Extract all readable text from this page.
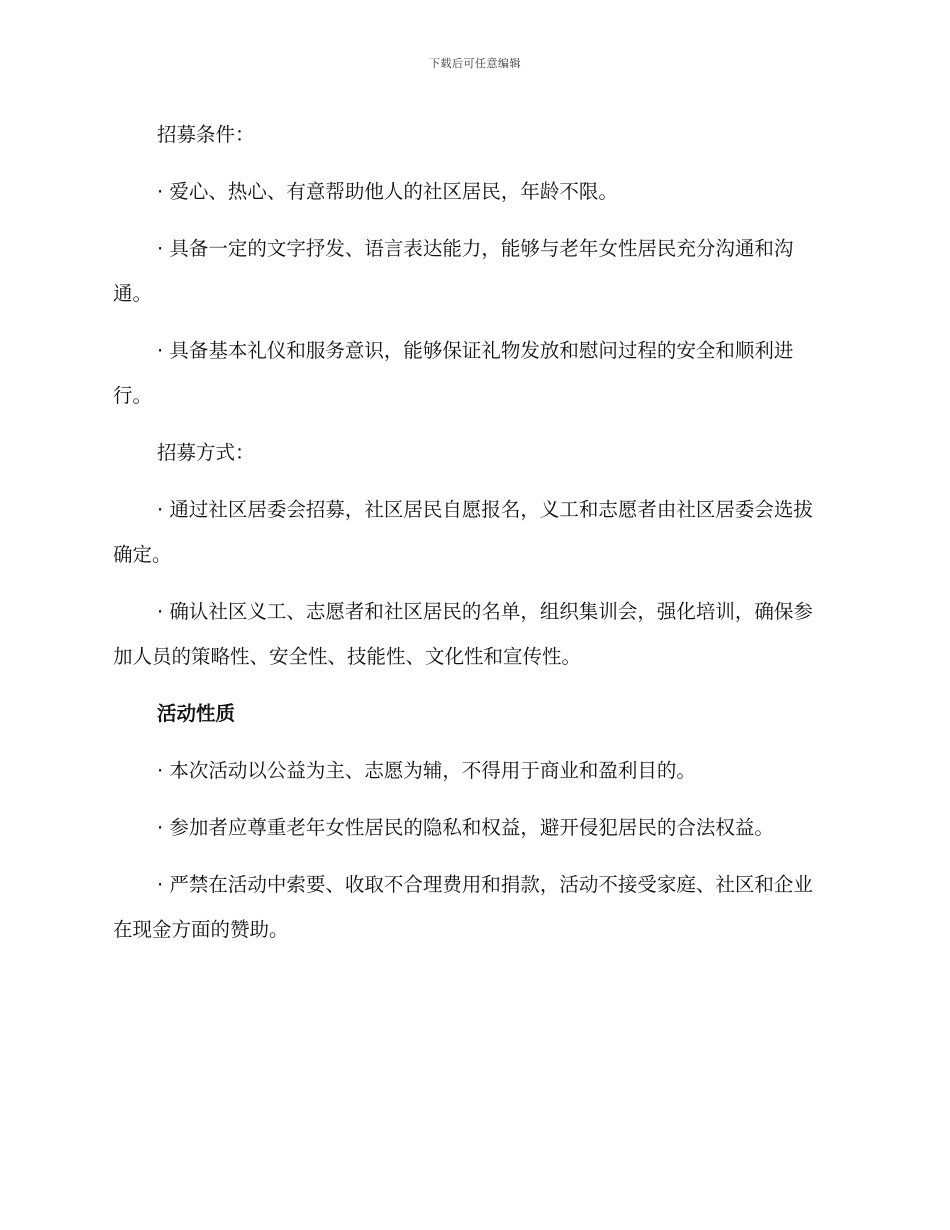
下载后可任意编辑

招募条件：

· 爱心、热心、有意帮助他人的社区居民，年龄不限。

· 具备一定的文字抒发、语言表达能力，能够与老年女性居民充分沟通和沟通。

· 具备基本礼仪和服务意识，能够保证礼物发放和慰问过程的安全和顺利进行。

招募方式：

· 通过社区居委会招募，社区居民自愿报名，义工和志愿者由社区居委会选拔确定。

· 确认社区义工、志愿者和社区居民的名单，组织集训会，强化培训，确保参加人员的策略性、安全性、技能性、文化性和宣传性。

活动性质

· 本次活动以公益为主、志愿为辅，不得用于商业和盈利目的。

· 参加者应尊重老年女性居民的隐私和权益，避开侵犯居民的合法权益。

· 严禁在活动中索要、收取不合理费用和捐款，活动不接受家庭、社区和企业在现金方面的赞助。
